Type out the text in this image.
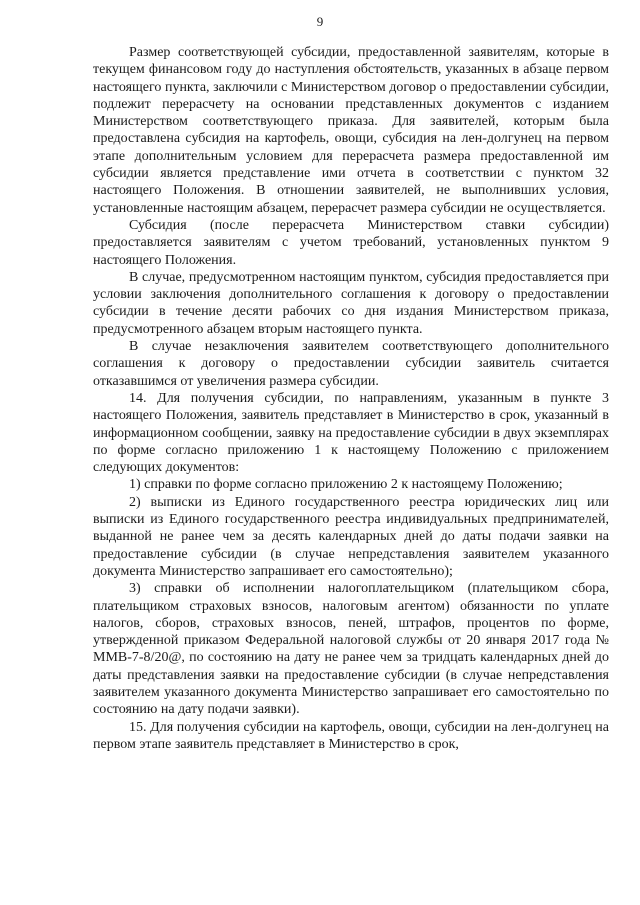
9

Размер соответствующей субсидии, предоставленной заявителям, которые в текущем финансовом году до наступления обстоятельств, указанных в абзаце первом настоящего пункта, заключили с Министерством договор о предоставлении субсидии, подлежит перерасчету на основании представленных документов с изданием Министерством соответствующего приказа. Для заявителей, которым была предоставлена субсидия на картофель, овощи, субсидия на лен-долгунец на первом этапе дополнительным условием для перерасчета размера предоставленной им субсидии является представление ими отчета в соответствии с пунктом 32 настоящего Положения. В отношении заявителей, не выполнивших условия, установленные настоящим абзацем, перерасчет размера субсидии не осуществляется.

Субсидия (после перерасчета Министерством ставки субсидии) предоставляется заявителям с учетом требований, установленных пунктом 9 настоящего Положения.

В случае, предусмотренном настоящим пунктом, субсидия предоставляется при условии заключения дополнительного соглашения к договору о предоставлении субсидии в течение десяти рабочих со дня издания Министерством приказа, предусмотренного абзацем вторым настоящего пункта.

В случае незаключения заявителем соответствующего дополнительного соглашения к договору о предоставлении субсидии заявитель считается отказавшимся от увеличения размера субсидии.

14. Для получения субсидии, по направлениям, указанным в пункте 3 настоящего Положения, заявитель представляет в Министерство в срок, указанный в информационном сообщении, заявку на предоставление субсидии в двух экземплярах по форме согласно приложению 1 к настоящему Положению с приложением следующих документов:

1) справки по форме согласно приложению 2 к настоящему Положению;

2) выписки из Единого государственного реестра юридических лиц или выписки из Единого государственного реестра индивидуальных предпринимателей, выданной не ранее чем за десять календарных дней до даты подачи заявки на предоставление субсидии (в случае непредставления заявителем указанного документа Министерство запрашивает его самостоятельно);

3) справки об исполнении налогоплательщиком (плательщиком сбора, плательщиком страховых взносов, налоговым агентом) обязанности по уплате налогов, сборов, страховых взносов, пеней, штрафов, процентов по форме, утвержденной приказом Федеральной налоговой службы от 20 января 2017 года № ММВ-7-8/20@, по состоянию на дату не ранее чем за тридцать календарных дней до даты представления заявки на предоставление субсидии (в случае непредставления заявителем указанного документа Министерство запрашивает его самостоятельно по состоянию на дату подачи заявки).

15. Для получения субсидии на картофель, овощи, субсидии на лен-долгунец на первом этапе заявитель представляет в Министерство в срок,
